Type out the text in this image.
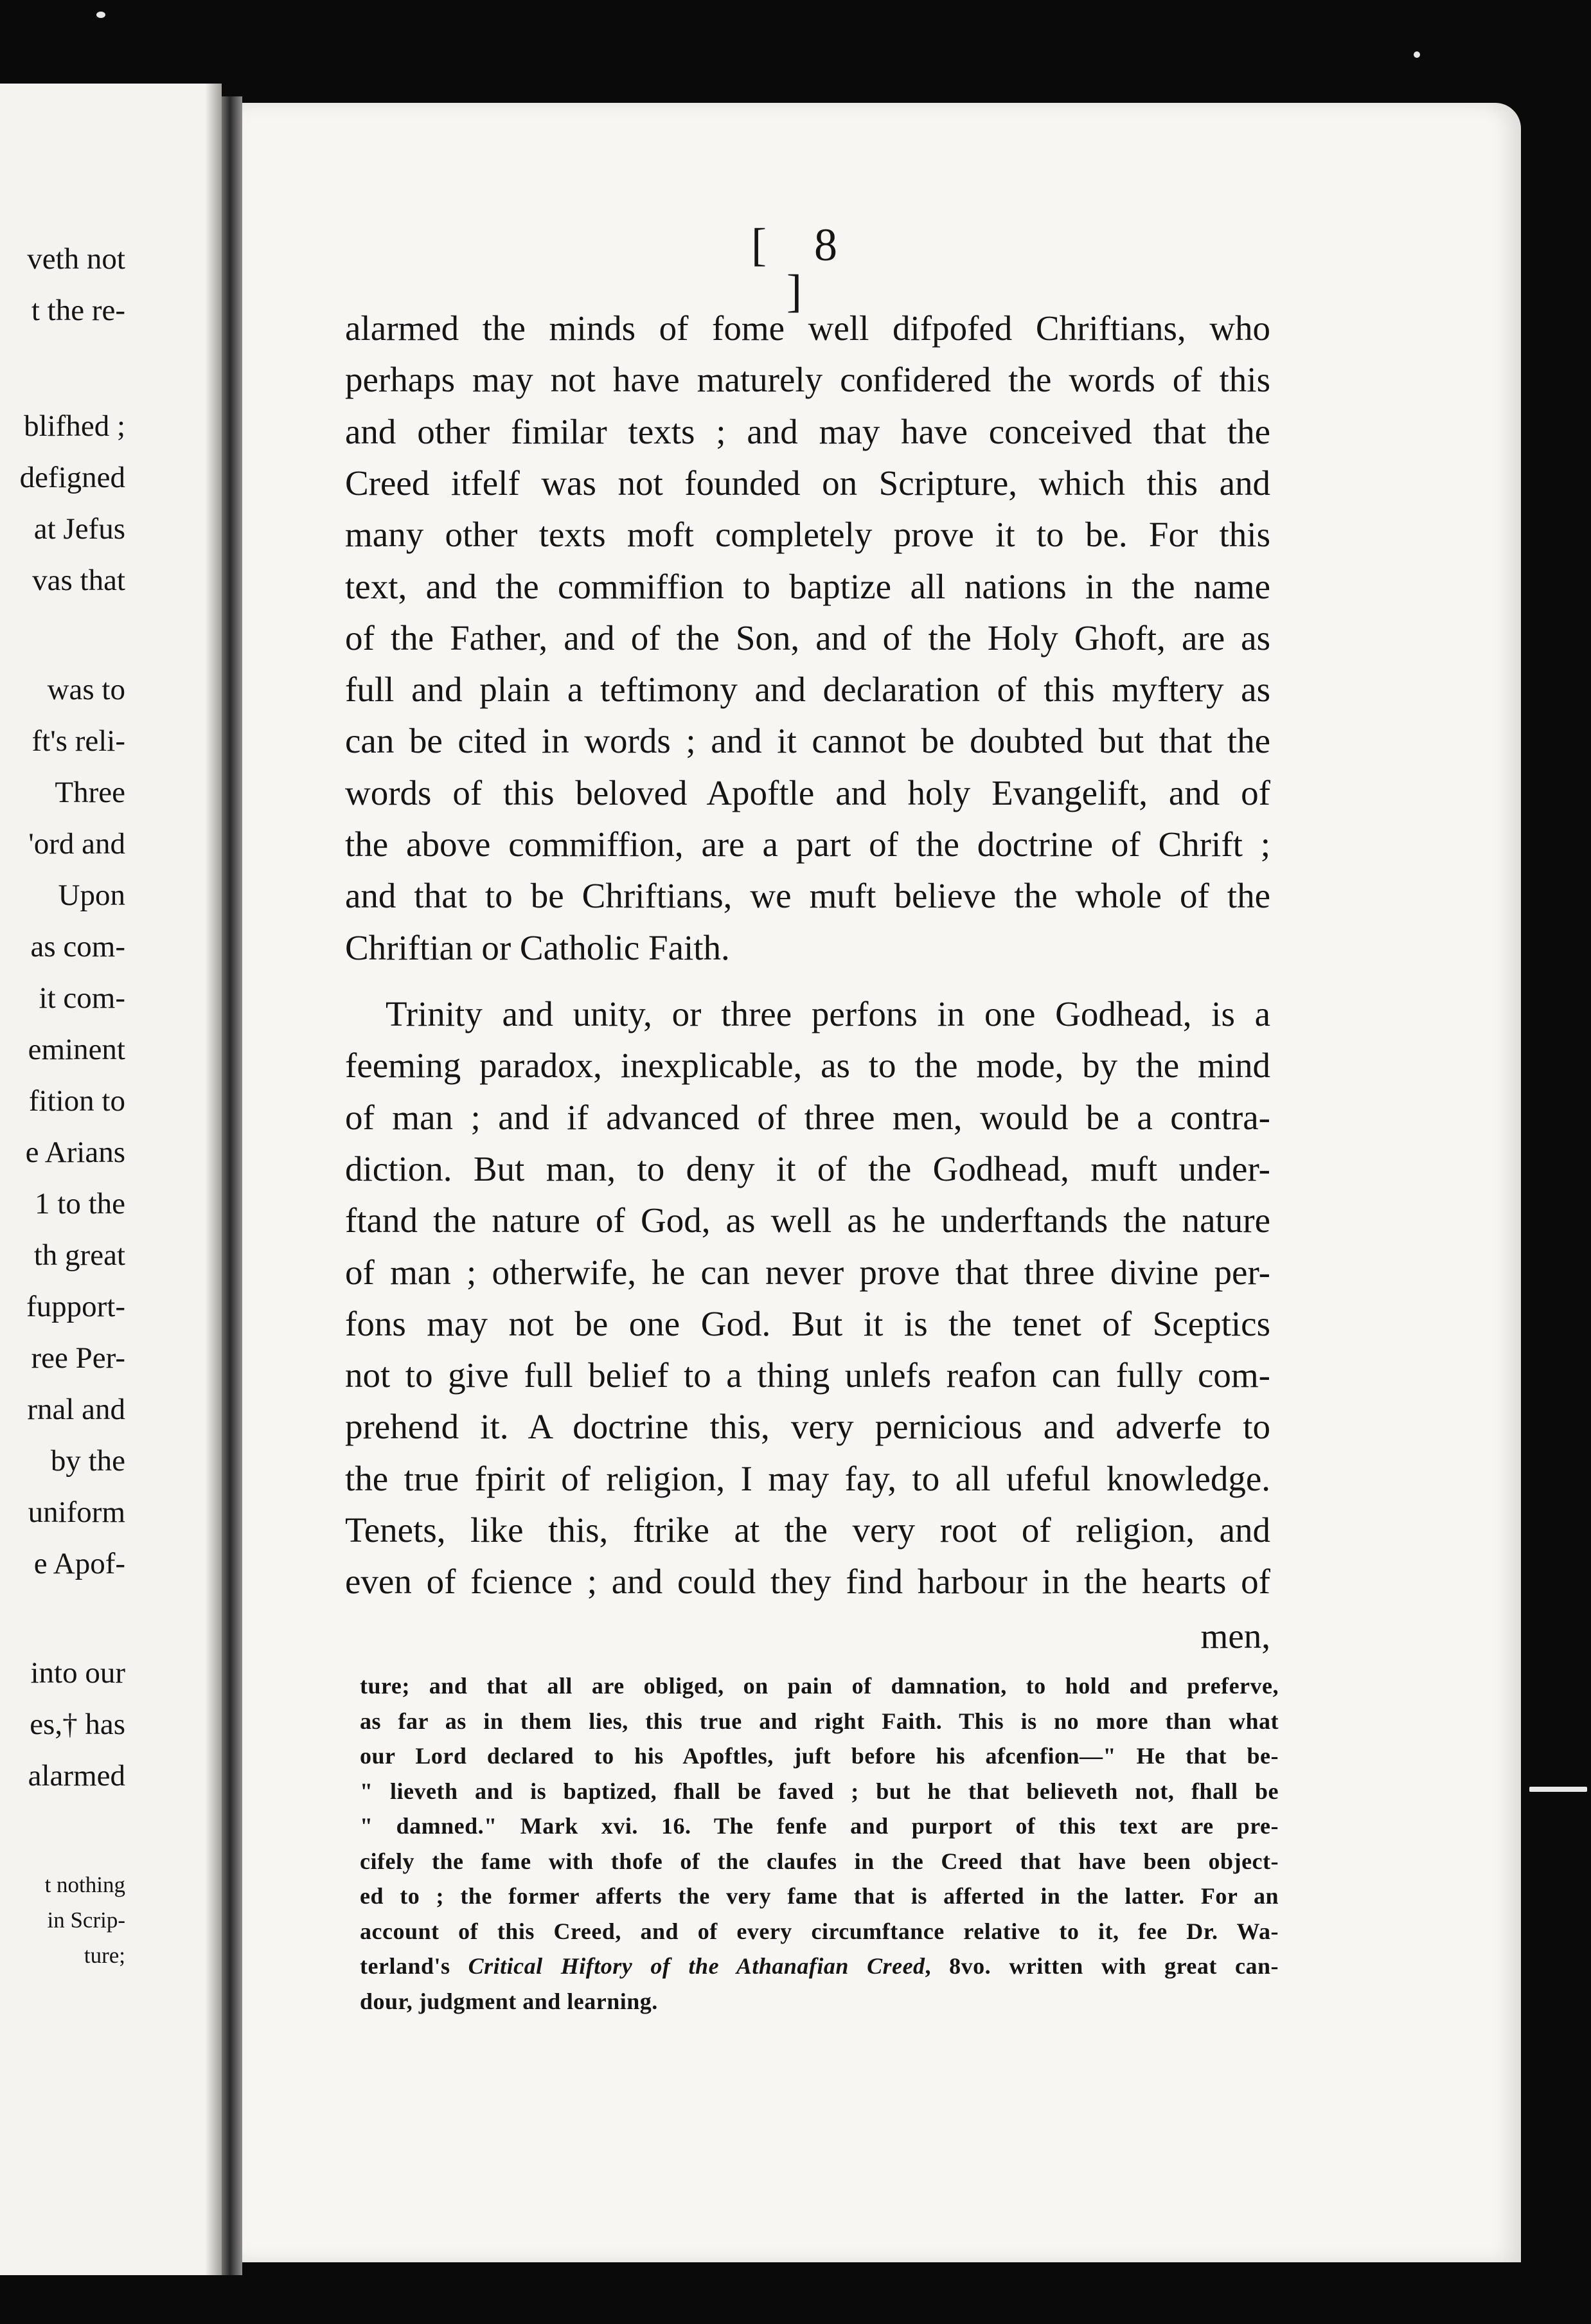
veth not
t the re-
blifhed ;
defigned
at Jefus
vas that
was to
ft's reli-
Three
'ord and
Upon
as com-
it com-
eminent
fition to
e Arians
1 to the
th great
fupport-
ree Per-
rnal and
by the
uniform
e Apof-
into our
es,† has
alarmed
t nothing
in Scrip-
ture;
[ 8 ]
alarmed the minds of fome well difpofed Chriftians, who
perhaps may not have maturely confidered the words of this
and other fimilar texts ; and may have conceived that the
Creed itfelf was not founded on Scripture, which this and
many other texts moft completely prove it to be. For this
text, and the commiffion to baptize all nations in the name
of the Father, and of the Son, and of the Holy Ghoft, are as
full and plain a teftimony and declaration of this myftery as
can be cited in words ; and it cannot be doubted but that the
words of this beloved Apoftle and holy Evangelift, and of
the above commiffion, are a part of the doctrine of Chrift ;
and that to be Chriftians, we muft believe the whole of the
Chriftian or Catholic Faith.
Trinity and unity, or three perfons in one Godhead, is a
feeming paradox, inexplicable, as to the mode, by the mind
of man ; and if advanced of three men, would be a contra-
diction. But man, to deny it of the Godhead, muft under-
ftand the nature of God, as well as he underftands the nature
of man ; otherwife, he can never prove that three divine per-
fons may not be one God. But it is the tenet of Sceptics
not to give full belief to a thing unlefs reafon can fully com-
prehend it. A doctrine this, very pernicious and adverfe to
the true fpirit of religion, I may fay, to all ufeful knowledge.
Tenets, like this, ftrike at the very root of religion, and
even of fcience ; and could they find harbour in the hearts of
men,
ture; and that all are obliged, on pain of damnation, to hold and preferve,
as far as in them lies, this true and right Faith. This is no more than what
our Lord declared to his Apoftles, juft before his afcenfion—" He that be-
" lieveth and is baptized, fhall be faved ; but he that believeth not, fhall be
" damned." Mark xvi. 16. The fenfe and purport of this text are pre-
cifely the fame with thofe of the claufes in the Creed that have been object-
ed to ; the former afferts the very fame that is afferted in the latter. For an
account of this Creed, and of every circumftance relative to it, fee Dr. Wa-
terland's Critical Hiftory of the Athanafian Creed, 8vo. written with great can-
dour, judgment and learning.
